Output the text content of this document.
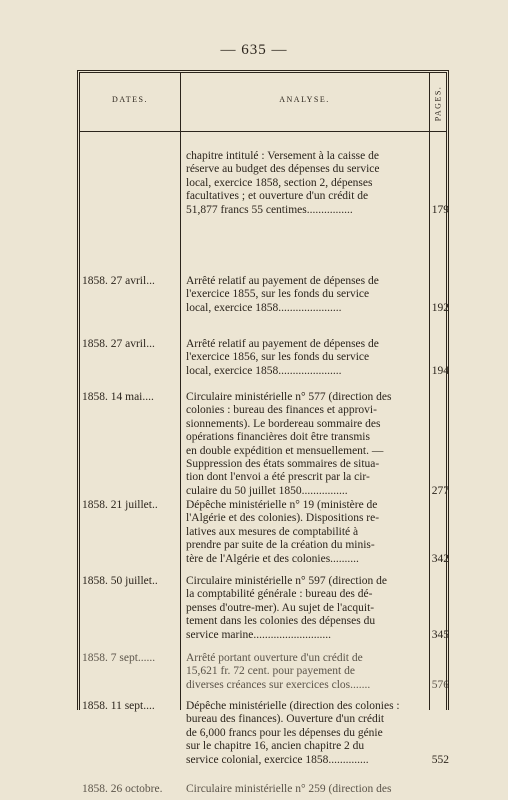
— 635 —
DATES.	ANALYSE.	PAGES.
chapitre intitulé : Versement à la caisse de
réserve au budget des dépenses du service
local, exercice 1858, section 2, dépenses
facultatives ; et ouverture d'un crédit de
51,877 francs 55 centimes................	179
1858. 27 avril...	Arrêté relatif au payement de dépenses de
l'exercice 1855, sur les fonds du service
local, exercice 1858......................	192
1858. 27 avril...	Arrêté relatif au payement de dépenses de
l'exercice 1856, sur les fonds du service
local, exercice 1858......................	194
1858. 14 mai....	Circulaire ministérielle n° 577 (direction des
colonies : bureau des finances et approvi-
sionnements). Le bordereau sommaire des
opérations financières doit être transmis
en double expédition et mensuellement. —
Suppression des états sommaires de situa-
tion dont l'envoi a été prescrit par la cir-
culaire du 50 juillet 1850................	277
1858. 21 juillet..	Dépêche ministérielle n° 19 (ministère de
l'Algérie et des colonies). Dispositions re-
latives aux mesures de comptabilité à
prendre par suite de la création du minis-
tère de l'Algérie et des colonies..........	342
1858. 50 juillet..	Circulaire ministérielle n° 597 (direction de
la comptabilité générale : bureau des dé-
penses d'outre-mer). Au sujet de l'acquit-
tement dans les colonies des dépenses du
service marine...........................	345
1858. 7 sept......	Arrêté portant ouverture d'un crédit de
15,621 fr. 72 cent. pour payement de
diverses créances sur exercices clos.......	576
1858. 11 sept....	Dépêche ministérielle (direction des colonies :
bureau des finances). Ouverture d'un crédit
de 6,000 francs pour les dépenses du génie
sur le chapitre 16, ancien chapitre 2 du
service colonial, exercice 1858..............	552
1858. 26 octobre.	Circulaire ministérielle n° 259 (direction des
